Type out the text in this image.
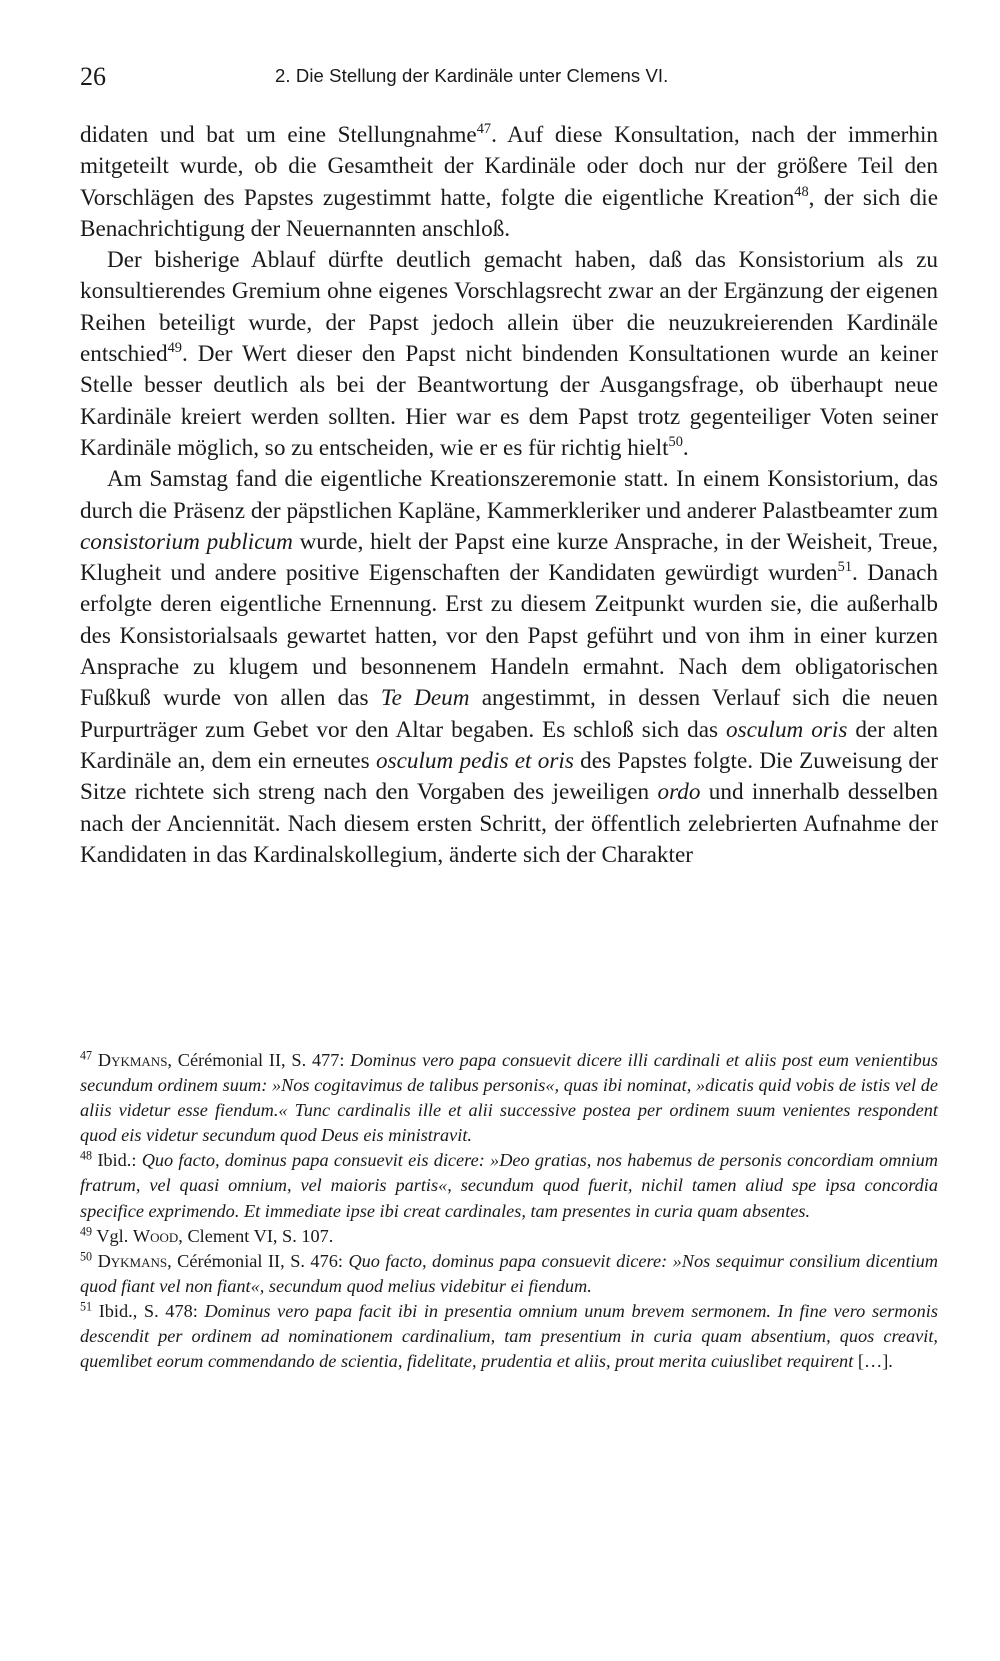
26	2. Die Stellung der Kardinäle unter Clemens VI.

didaten und bat um eine Stellungnahme$^{47}$. Auf diese Konsultation, nach der immerhin mitgeteilt wurde, ob die Gesamtheit der Kardinäle oder doch nur der größere Teil den Vorschlägen des Papstes zugestimmt hatte, folgte die eigentliche Kreation$^{48}$, der sich die Benachrichtigung der Neuernannten anschloß.

Der bisherige Ablauf dürfte deutlich gemacht haben, daß das Konsistorium als zu konsultierendes Gremium ohne eigenes Vorschlagsrecht zwar an der Ergänzung der eigenen Reihen beteiligt wurde, der Papst jedoch allein über die neuzukreierenden Kardinäle entschied$^{49}$. Der Wert dieser den Papst nicht bindenden Konsultationen wurde an keiner Stelle besser deutlich als bei der Beantwortung der Ausgangsfrage, ob überhaupt neue Kardinäle kreiert werden sollten. Hier war es dem Papst trotz gegenteiliger Voten seiner Kardinäle möglich, so zu entscheiden, wie er es für richtig hielt$^{50}$.

Am Samstag fand die eigentliche Kreationszeremonie statt. In einem Konsistorium, das durch die Präsenz der päpstlichen Kapläne, Kammerkleriker und anderer Palastbeamter zum consistorium publicum wurde, hielt der Papst eine kurze Ansprache, in der Weisheit, Treue, Klugheit und andere positive Eigenschaften der Kandidaten gewürdigt wurden$^{51}$. Danach erfolgte deren eigentliche Ernennung. Erst zu diesem Zeitpunkt wurden sie, die außerhalb des Konsistorialsaals gewartet hatten, vor den Papst geführt und von ihm in einer kurzen Ansprache zu klugem und besonnenem Handeln ermahnt. Nach dem obligatorischen Fußkuß wurde von allen das Te Deum angestimmt, in dessen Verlauf sich die neuen Purpurträger zum Gebet vor den Altar begaben. Es schloß sich das osculum oris der alten Kardinäle an, dem ein erneutes osculum pedis et oris des Papstes folgte. Die Zuweisung der Sitze richtete sich streng nach den Vorgaben des jeweiligen ordo und innerhalb desselben nach der Anciennität. Nach diesem ersten Schritt, der öffentlich zelebrierten Aufnahme der Kandidaten in das Kardinalskollegium, änderte sich der Charakter

$^{47}$ Dykmans, Cérémonial II, S. 477: Dominus vero papa consuevit dicere illi cardinali et aliis post eum venientibus secundum ordinem suum: »Nos cogitavimus de talibus personis«, quas ibi nominat, »dicatis quid vobis de istis vel de aliis videtur esse fiendum.« Tunc cardinalis ille et alii successive postea per ordinem suum venientes respondent quod eis videtur secundum quod Deus eis ministravit.

$^{48}$ Ibid.: Quo facto, dominus papa consuevit eis dicere: »Deo gratias, nos habemus de personis concordiam omnium fratrum, vel quasi omnium, vel maioris partis«, secundum quod fuerit, nichil tamen aliud spe ipsa concordia specifice exprimendo. Et immediate ipse ibi creat cardinales, tam presentes in curia quam absentes.

$^{49}$ Vgl. Wood, Clement VI, S. 107.

$^{50}$ Dykmans, Cérémonial II, S. 476: Quo facto, dominus papa consuevit dicere: »Nos sequimur consilium dicentium quod fiant vel non fiant«, secundum quod melius videbitur ei fiendum.

$^{51}$ Ibid., S. 478: Dominus vero papa facit ibi in presentia omnium unum brevem sermonem. In fine vero sermonis descendit per ordinem ad nominationem cardinalium, tam presentium in curia quam absentium, quos creavit, quemlibet eorum commendando de scientia, fidelitate, prudentia et aliis, prout merita cuiuslibet requirent […].
